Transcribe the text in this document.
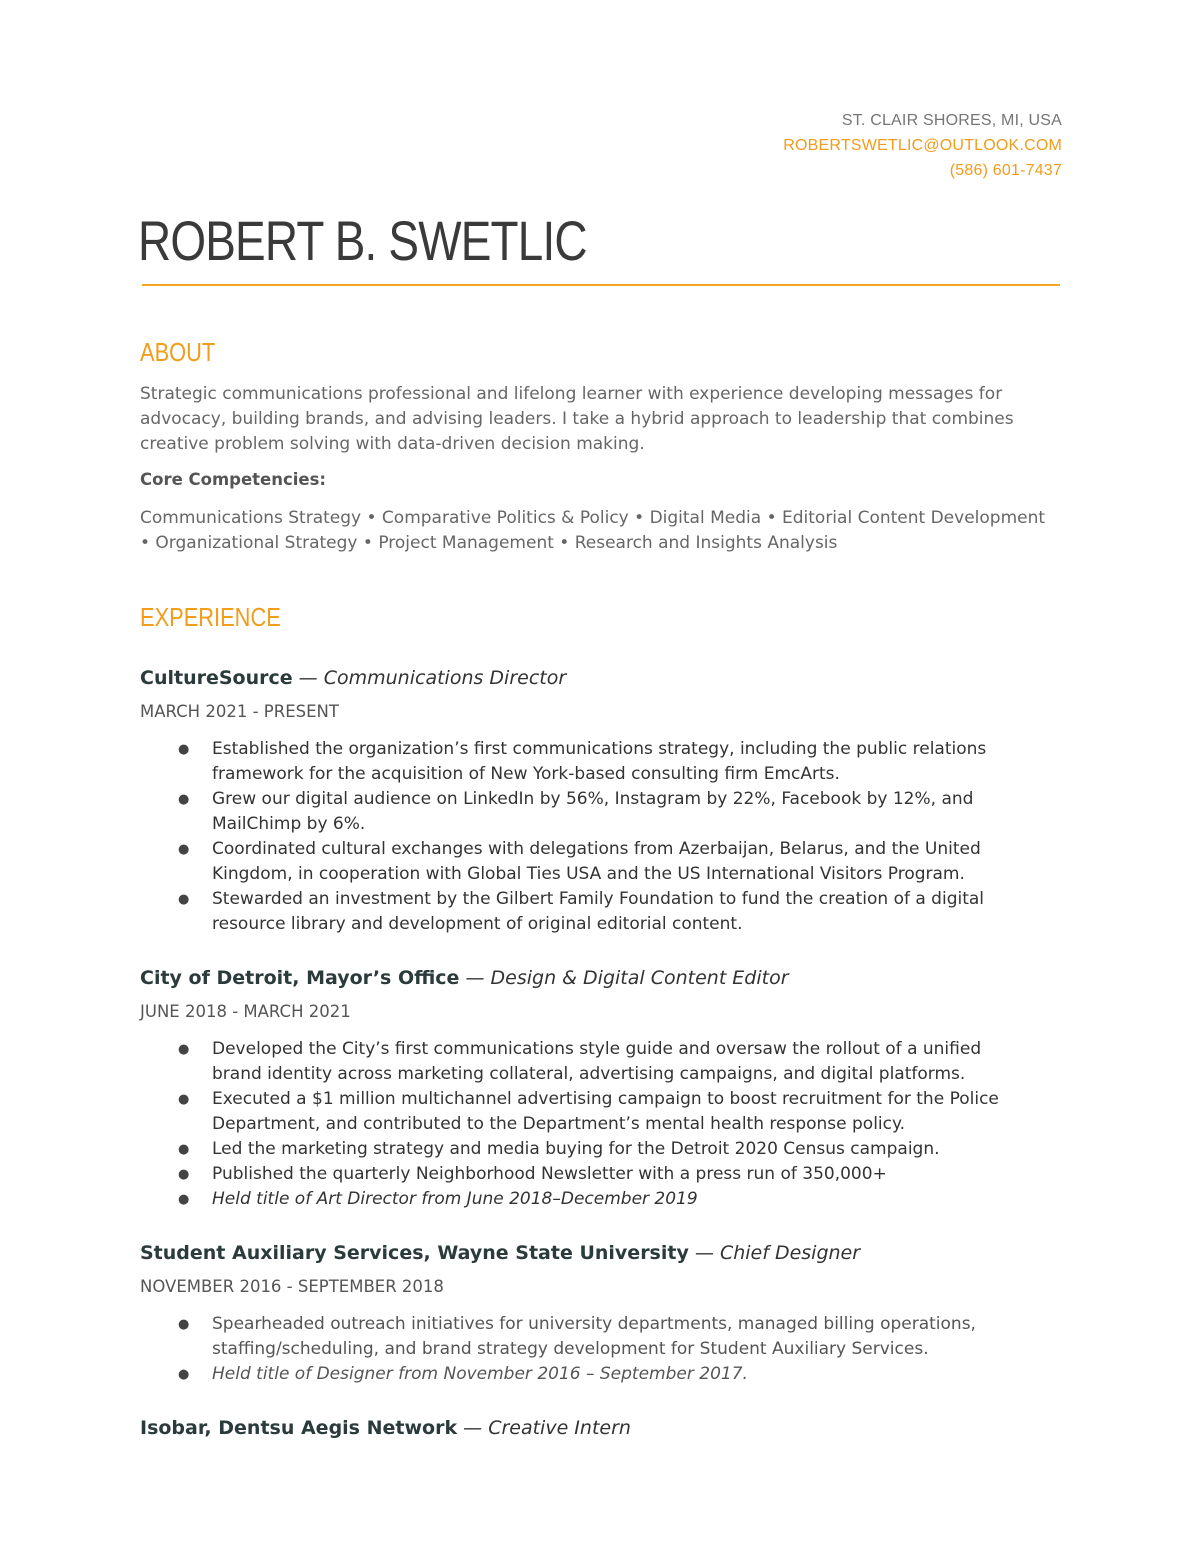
ST. CLAIR SHORES, MI, USA
ROBERTSWETLIC@OUTLOOK.COM
(586) 601-7437
ROBERT B. SWETLIC
ABOUT

Strategic communications professional and lifelong learner with experience developing messages for advocacy, building brands, and advising leaders. I take a hybrid approach to leadership that combines creative problem solving with data-driven decision making.

Core Competencies:

Communications Strategy • Comparative Politics & Policy • Digital Media • Editorial Content Development • Organizational Strategy • Project Management • Research and Insights Analysis

EXPERIENCE
CultureSource — Communications Director
MARCH 2021 - PRESENT
● Established the organization’s first communications strategy, including the public relations framework for the acquisition of New York-based consulting firm EmcArts.
● Grew our digital audience on LinkedIn by 56%, Instagram by 22%, Facebook by 12%, and MailChimp by 6%.
● Coordinated cultural exchanges with delegations from Azerbaijan, Belarus, and the United Kingdom, in cooperation with Global Ties USA and the US International Visitors Program.
● Stewarded an investment by the Gilbert Family Foundation to fund the creation of a digital resource library and development of original editorial content.
City of Detroit, Mayor’s Office — Design & Digital Content Editor
JUNE 2018 - MARCH 2021
● Developed the City’s first communications style guide and oversaw the rollout of a unified brand identity across marketing collateral, advertising campaigns, and digital platforms.
● Executed a $1 million multichannel advertising campaign to boost recruitment for the Police Department, and contributed to the Department’s mental health response policy.
● Led the marketing strategy and media buying for the Detroit 2020 Census campaign.
● Published the quarterly Neighborhood Newsletter with a press run of 350,000+
● Held title of Art Director from June 2018–December 2019
Student Auxiliary Services, Wayne State University — Chief Designer
NOVEMBER 2016 - SEPTEMBER 2018
● Spearheaded outreach initiatives for university departments, managed billing operations, staffing/scheduling, and brand strategy development for Student Auxiliary Services.
● Held title of Designer from November 2016 – September 2017.
Isobar, Dentsu Aegis Network — Creative Intern
